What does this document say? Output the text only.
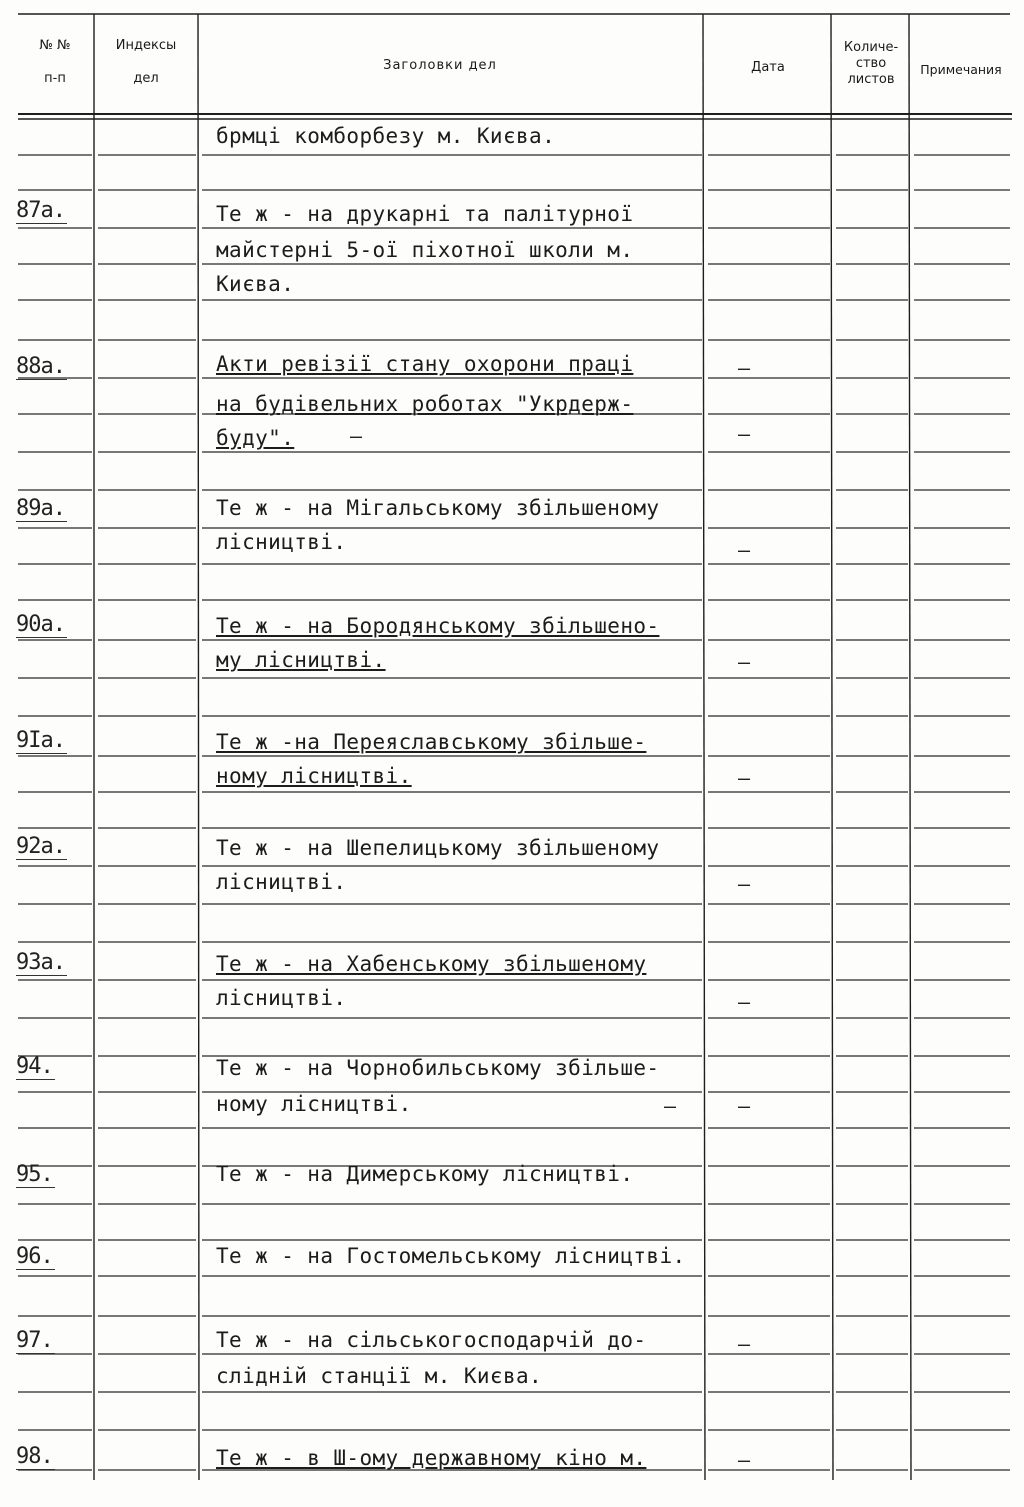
№ №
п-п
Индексы
дел
Заголовки дел	Дата
Количе-
ство
листов
Примечания
87а.
88а.
89а.
90а.
9Іа.
92а.
93а.
94.
95.
96.
97.
98.
брмці комборбезу м. Києва.
Те ж - на друкарні та палітурної
майстерні 5-ої піхотної школи м.
Києва.
Акти ревізії стану охорони праці
на будівельних роботах "Укрдерж-
буду".
Те ж - на Мігальському збільшеному
лісництві.
Те ж - на Бородянському збільшено-
му лісництві.
Те ж -на Переяславському збільше-
ному лісництві.
Те ж - на Шепелицькому збільшеному
лісництві.
Те ж - на Хабенському збільшеному
лісництві.
Те ж - на Чорнобильському збільше-
ному лісництві.
Те ж - на Димерському лісництві.
Те ж - на Гостомельському лісництві.
Те ж - на сільськогосподарчій до-
слідній станції м. Києва.
Те ж - в Ш-ому державному кіно м.
–
–
–
–
–
–
–
–
–
–
–
–
